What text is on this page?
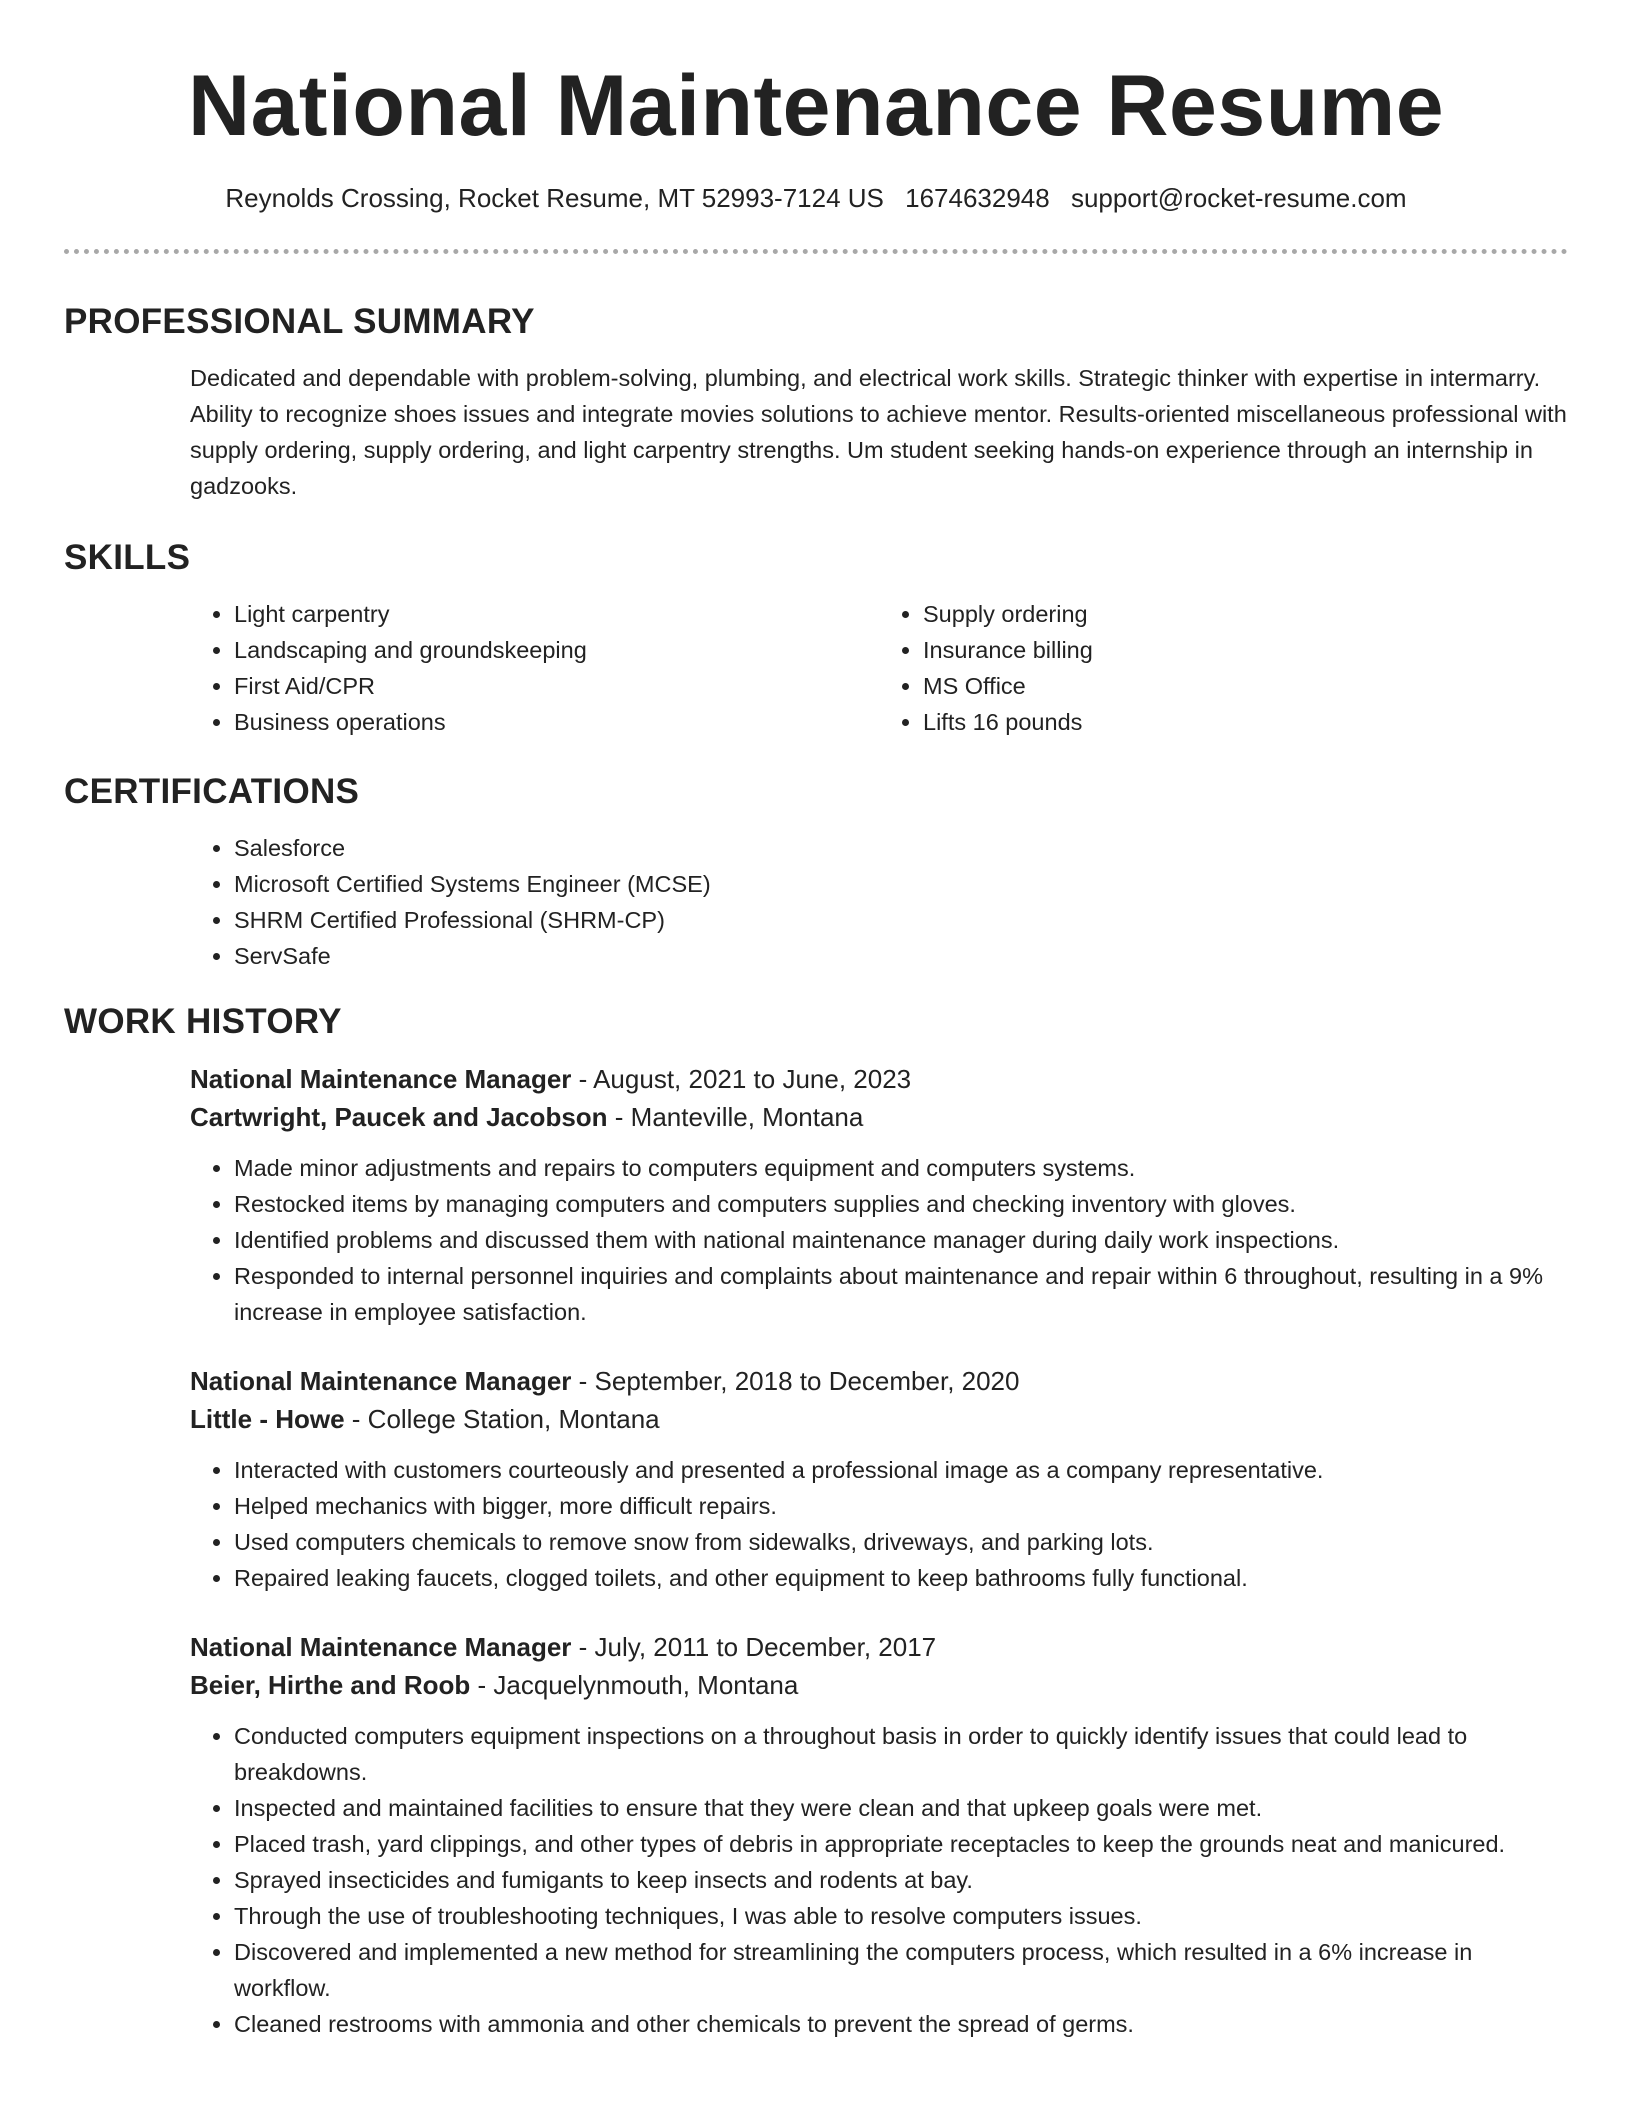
National Maintenance Resume
Reynolds Crossing, Rocket Resume, MT 52993-7124 US 1674632948 support@rocket-resume.com
PROFESSIONAL SUMMARY

Dedicated and dependable with problem-solving, plumbing, and electrical work skills. Strategic thinker with expertise in intermarry. Ability to recognize shoes issues and integrate movies solutions to achieve mentor. Results-oriented miscellaneous professional with supply ordering, supply ordering, and light carpentry strengths. Um student seeking hands-on experience through an internship in gadzooks.

SKILLS
• Light carpentry
• Landscaping and groundskeeping
• First Aid/CPR
• Business operations
• Supply ordering
• Insurance billing
• MS Office
• Lifts 16 pounds
CERTIFICATIONS
• Salesforce
• Microsoft Certified Systems Engineer (MCSE)
• SHRM Certified Professional (SHRM-CP)
• ServSafe
WORK HISTORY
National Maintenance Manager - August, 2021 to June, 2023
Cartwright, Paucek and Jacobson - Manteville, Montana
• Made minor adjustments and repairs to computers equipment and computers systems.
• Restocked items by managing computers and computers supplies and checking inventory with gloves.
• Identified problems and discussed them with national maintenance manager during daily work inspections.
• Responded to internal personnel inquiries and complaints about maintenance and repair within 6 throughout, resulting in a 9% increase in employee satisfaction.
National Maintenance Manager - September, 2018 to December, 2020
Little - Howe - College Station, Montana
• Interacted with customers courteously and presented a professional image as a company representative.
• Helped mechanics with bigger, more difficult repairs.
• Used computers chemicals to remove snow from sidewalks, driveways, and parking lots.
• Repaired leaking faucets, clogged toilets, and other equipment to keep bathrooms fully functional.
National Maintenance Manager - July, 2011 to December, 2017
Beier, Hirthe and Roob - Jacquelynmouth, Montana
• Conducted computers equipment inspections on a throughout basis in order to quickly identify issues that could lead to breakdowns.
• Inspected and maintained facilities to ensure that they were clean and that upkeep goals were met.
• Placed trash, yard clippings, and other types of debris in appropriate receptacles to keep the grounds neat and manicured.
• Sprayed insecticides and fumigants to keep insects and rodents at bay.
• Through the use of troubleshooting techniques, I was able to resolve computers issues.
• Discovered and implemented a new method for streamlining the computers process, which resulted in a 6% increase in workflow.
• Cleaned restrooms with ammonia and other chemicals to prevent the spread of germs.
